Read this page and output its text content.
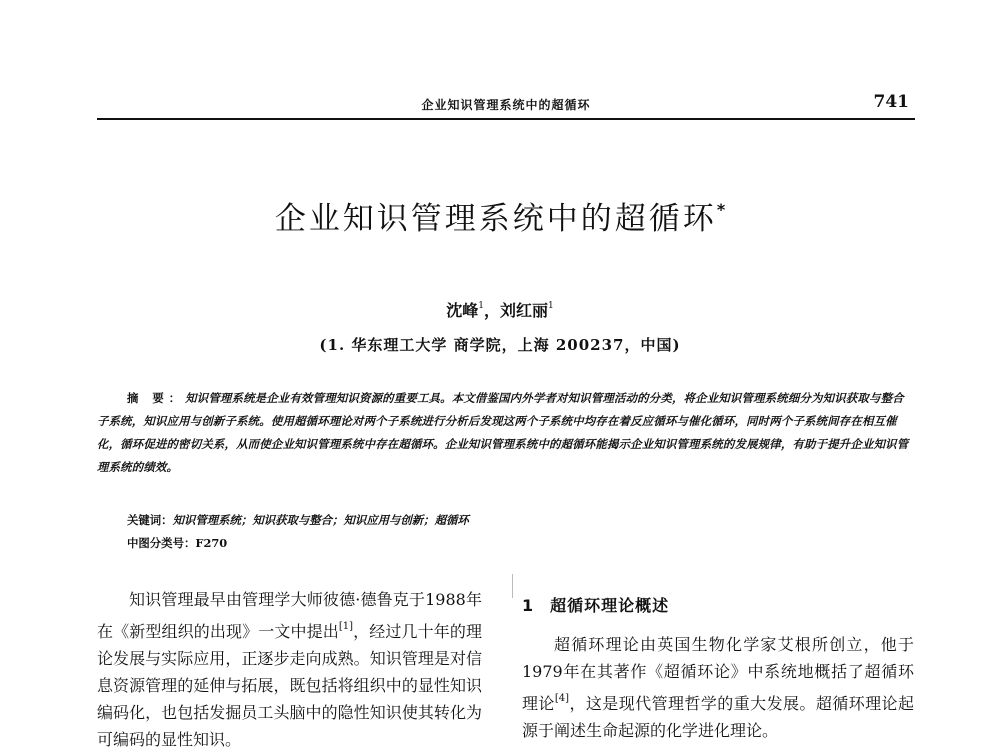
企业知识管理系统中的超循环	741
企业知识管理系统中的超循环*
沈峰$^1$，刘红丽$^1$
(1. 华东理工大学 商学院，上海 200237，中国)
摘 要：知识管理系统是企业有效管理知识资源的重要工具。本文借鉴国内外学者对知识管理活动的分类，将企业知识管理系统细分为知识获取与整合子系统，知识应用与创新子系统。使用超循环理论对两个子系统进行分析后发现这两个子系统中均存在着反应循环与催化循环，同时两个子系统间存在相互催化，循环促进的密切关系，从而使企业知识管理系统中存在超循环。企业知识管理系统中的超循环能揭示企业知识管理系统的发展规律，有助于提升企业知识管理系统的绩效。
关键词：知识管理系统；知识获取与整合；知识应用与创新；超循环
中图分类号：F270

知识管理最早由管理学大师彼德·德鲁克于1988年在《新型组织的出现》一文中提出[1]，经过几十年的理论发展与实际应用，正逐步走向成熟。知识管理是对信息资源管理的延伸与拓展，既包括将组织中的显性知识编码化，也包括发掘员工头脑中的隐性知识使其转化为可编码的显性知识。

1 超循环理论概述

超循环理论由英国生物化学家艾根所创立，他于1979年在其著作《超循环论》中系统地概括了超循环理论[4]，这是现代管理哲学的重大发展。超循环理论起源于阐述生命起源的化学进化理论。
